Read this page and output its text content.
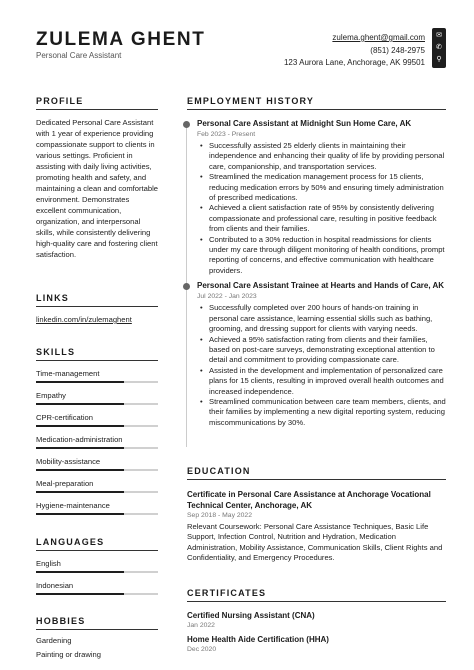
ZULEMA GHENT
Personal Care Assistant
zulema.ghent@gmail.com
(851) 248-2975
123 Aurora Lane, Anchorage, AK 99501
✉
✆
⚲
PROFILE
Dedicated Personal Care Assistant with 1 year of experience providing compassionate support to clients in various settings. Proficient in assisting with daily living activities, promoting health and safety, and maintaining a clean and comfortable environment. Demonstrates excellent communication, organization, and interpersonal skills, while consistently delivering high-quality care and fostering client satisfaction.
LINKS
linkedin.com/in/zulemaghent
SKILLS
Time-management
Empathy
CPR-certification
Medication-administration
Mobility-assistance
Meal-preparation
Hygiene-maintenance
LANGUAGES
English
Indonesian
HOBBIES
Gardening
Painting or drawing
EMPLOYMENT HISTORY
Personal Care Assistant at Midnight Sun Home Care, AK
Feb 2023 - Present
• Successfully assisted 25 elderly clients in maintaining their independence and enhancing their quality of life by providing personal care, companionship, and transportation services.
• Streamlined the medication management process for 15 clients, reducing medication errors by 50% and ensuring timely administration of prescribed medications.
• Achieved a client satisfaction rate of 95% by consistently delivering compassionate and professional care, resulting in positive feedback from clients and their families.
• Contributed to a 30% reduction in hospital readmissions for clients under my care through diligent monitoring of health conditions, prompt reporting of concerns, and effective communication with healthcare providers.
Personal Care Assistant Trainee at Hearts and Hands of Care, AK
Jul 2022 - Jan 2023
• Successfully completed over 200 hours of hands-on training in personal care assistance, learning essential skills such as bathing, grooming, and dressing support for clients with varying needs.
• Achieved a 95% satisfaction rating from clients and their families, based on post-care surveys, demonstrating exceptional attention to detail and commitment to providing compassionate care.
• Assisted in the development and implementation of personalized care plans for 15 clients, resulting in improved overall health outcomes and increased independence.
• Streamlined communication between care team members, clients, and their families by implementing a new digital reporting system, reducing miscommunications by 30%.
EDUCATION
Certificate in Personal Care Assistance at Anchorage Vocational Technical Center, Anchorage, AK
Sep 2018 - May 2022
Relevant Coursework: Personal Care Assistance Techniques, Basic Life Support, Infection Control, Nutrition and Hydration, Medication Administration, Mobility Assistance, Communication Skills, Client Rights and Confidentiality, and Emergency Procedures.
CERTIFICATES
Certified Nursing Assistant (CNA)
Jan 2022
Home Health Aide Certification (HHA)
Dec 2020
